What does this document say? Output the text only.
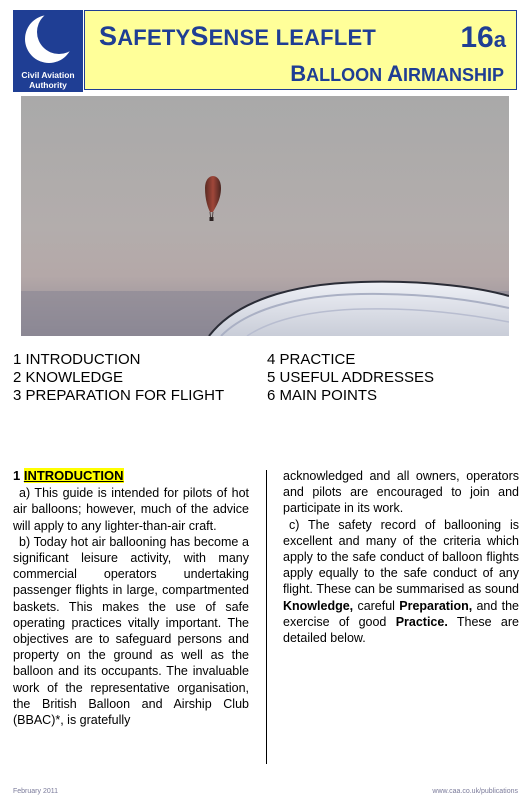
Civil Aviation
Authority
SAFETYSENSE LEAFLET	16a
BALLOON AIRMANSHIP
1 INTRODUCTION
2 KNOWLEDGE
3 PREPARATION FOR FLIGHT
4 PRACTICE
5 USEFUL ADDRESSES
6 MAIN POINTS
1 INTRODUCTION

a) This guide is intended for pilots of hot air balloons; however, much of the advice will apply to any lighter-than-air craft.

b) Today hot air ballooning has become a significant leisure activity, with many commercial operators undertaking passenger flights in large, compartmented baskets. This makes the use of safe operating practices vitally important. The objectives are to safeguard persons and property on the ground as well as the balloon and its occupants. The invaluable work of the representative organisation, the British Balloon and Airship Club (BBAC)*, is gratefully

acknowledged and all owners, operators and pilots are encouraged to join and participate in its work.

c) The safety record of ballooning is excellent and many of the criteria which apply to the safe conduct of balloon flights apply equally to the safe conduct of any flight. These can be summarised as sound Knowledge, careful Preparation, and the exercise of good Practice. These are detailed below.

February 2011	www.caa.co.uk/publications
